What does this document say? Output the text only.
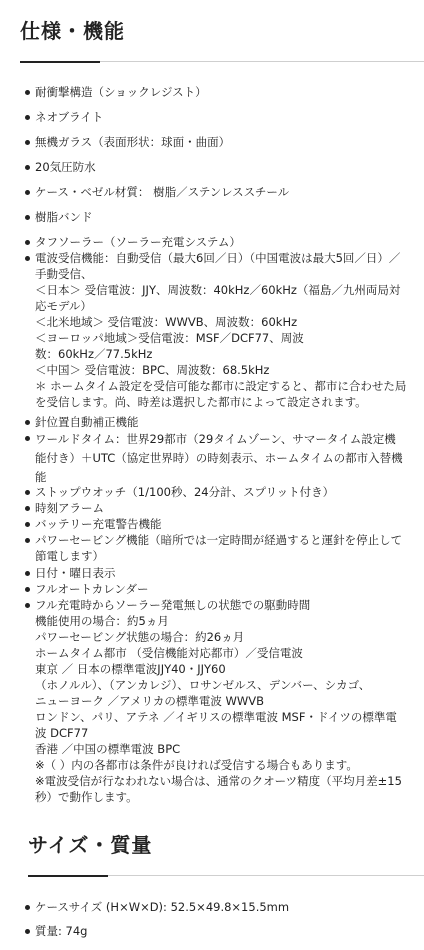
仕様・機能
耐衝撃構造（ショックレジスト）
ネオブライト
無機ガラス（表面形状：球面・曲面）
20気圧防水
ケース・ベゼル材質： 樹脂／ステンレススチール
樹脂バンド
タフソーラー（ソーラー充電システム）
電波受信機能：自動受信（最大6回／日）（中国電波は最大5回／日）／
手動受信、
＜日本＞ 受信電波：JJY、周波数：40kHz／60kHz（福島／九州両局対
応モデル）
＜北米地域＞ 受信電波：WWVB、周波数：60kHz
＜ヨーロッパ地域＞受信電波：MSF／DCF77、周波
数：60kHz／77.5kHz
＜中国＞ 受信電波：BPC、周波数：68.5kHz
＊ ホームタイム設定を受信可能な都市に設定すると、都市に合わせた局
を受信します。尚、時差は選択した都市によって設定されます。
針位置自動補正機能
ワールドタイム：世界29都市（29タイムゾーン、サマータイム設定機
能付き）＋UTC（協定世界時）の時刻表示、ホームタイムの都市入替機
能
ストップウオッチ（1/100秒、24分計、スプリット付き）
時刻アラーム
バッテリー充電警告機能
パワーセービング機能（暗所では一定時間が経過すると運針を停止して
節電します）
日付・曜日表示
フルオートカレンダー
フル充電時からソーラー発電無しの状態での駆動時間
機能使用の場合：約5ヵ月
パワーセービング状態の場合：約26ヵ月
ホームタイム都市 （受信機能対応都市）／受信電波
東京 ／ 日本の標準電波JJY40・JJY60
（ホノルル）、（アンカレジ）、ロサンゼルス、デンバー、シカゴ、
ニューヨーク ／アメリカの標準電波 WWVB
ロンドン、パリ、アテネ ／イギリスの標準電波 MSF・ドイツの標準電
波 DCF77
香港 ／中国の標準電波 BPC
※（ ）内の各都市は条件が良ければ受信する場合もあります。
※電波受信が行なわれない場合は、通常のクオーツ精度（平均月差±15
秒）で動作します。
サイズ・質量
ケースサイズ (H×W×D): 52.5×49.8×15.5mm
質量: 74g
